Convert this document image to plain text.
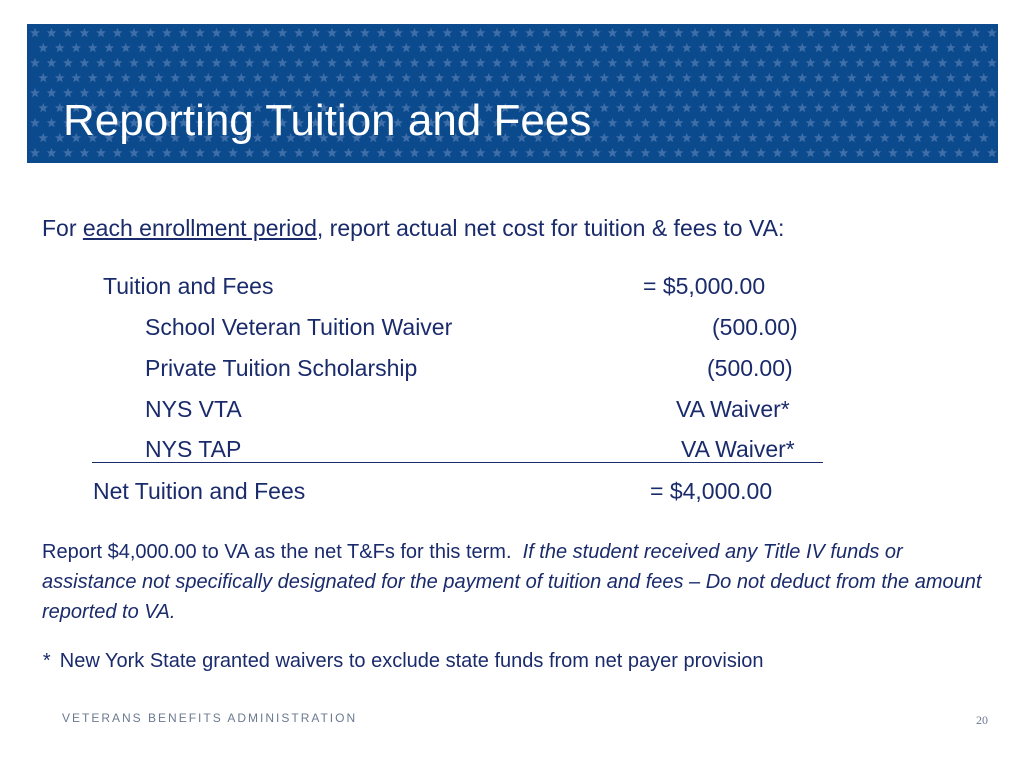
Reporting Tuition and Fees
For each enrollment period, report actual net cost for tuition & fees to VA:
Tuition and Fees	= $5,000.00
School Veteran Tuition Waiver	(500.00)
Private Tuition Scholarship	(500.00)
NYS VTA	VA Waiver*
NYS TAP	VA Waiver*
Net Tuition and Fees	= $4,000.00
Report $4,000.00 to VA as the net T&Fs for this term. If the student received any Title IV funds or assistance not specifically designated for the payment of tuition and fees – Do not deduct from the amount reported to VA.
* New York State granted waivers to exclude state funds from net payer provision
VETERANS BENEFITS ADMINISTRATION	20
